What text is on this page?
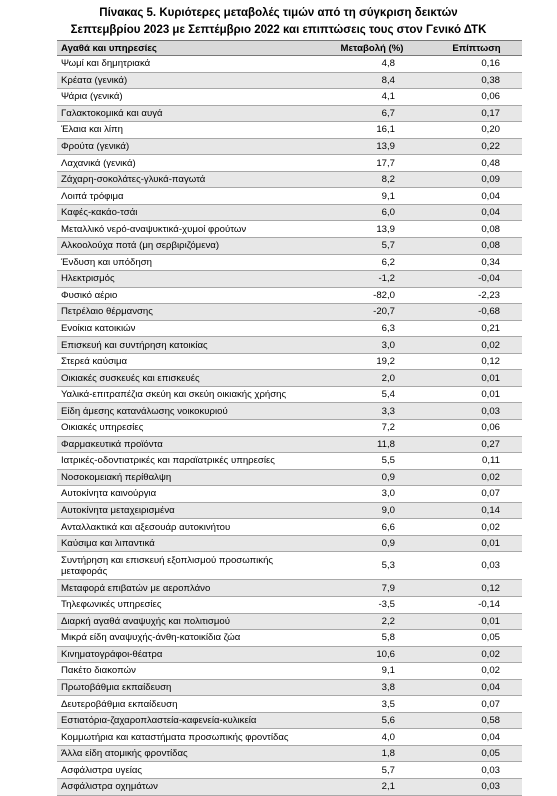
Πίνακας 5. Κυριότερες μεταβολές τιμών από τη σύγκριση δεικτών
Σεπτεμβρίου 2023 με Σεπτέμβριο 2022 και επιπτώσεις τους στον Γενικό ΔΤΚ
Αγαθά και υπηρεσίες	Μεταβολή (%)	Επίπτωση
Ψωμί και δημητριακά	4,8	0,16
Κρέατα (γενικά)	8,4	0,38
Ψάρια (γενικά)	4,1	0,06
Γαλακτοκομικά και αυγά	6,7	0,17
Έλαια και λίπη	16,1	0,20
Φρούτα (γενικά)	13,9	0,22
Λαχανικά (γενικά)	17,7	0,48
Ζάχαρη-σοκολάτες-γλυκά-παγωτά	8,2	0,09
Λοιπά τρόφιμα	9,1	0,04
Καφές-κακάο-τσάι	6,0	0,04
Μεταλλικό νερό-αναψυκτικά-χυμοί φρούτων	13,9	0,08
Αλκοολούχα ποτά (μη σερβιριζόμενα)	5,7	0,08
Ένδυση και υπόδηση	6,2	0,34
Ηλεκτρισμός	-1,2	-0,04
Φυσικό αέριο	-82,0	-2,23
Πετρέλαιο θέρμανσης	-20,7	-0,68
Ενοίκια κατοικιών	6,3	0,21
Επισκευή και συντήρηση κατοικίας	3,0	0,02
Στερεά καύσιμα	19,2	0,12
Οικιακές συσκευές και επισκευές	2,0	0,01
Υαλικά-επιτραπέζια σκεύη και σκεύη οικιακής χρήσης	5,4	0,01
Είδη άμεσης κατανάλωσης νοικοκυριού	3,3	0,03
Οικιακές υπηρεσίες	7,2	0,06
Φαρμακευτικά προϊόντα	11,8	0,27
Ιατρικές-οδοντιατρικές και παραϊατρικές υπηρεσίες	5,5	0,11
Νοσοκομειακή περίθαλψη	0,9	0,02
Αυτοκίνητα καινούργια	3,0	0,07
Αυτοκίνητα μεταχειρισμένα	9,0	0,14
Ανταλλακτικά και αξεσουάρ αυτοκινήτου	6,6	0,02
Καύσιμα και λιπαντικά	0,9	0,01
Συντήρηση και επισκευή εξοπλισμού προσωπικής μεταφοράς	5,3	0,03
Μεταφορά επιβατών με αεροπλάνο	7,9	0,12
Τηλεφωνικές υπηρεσίες	-3,5	-0,14
Διαρκή αγαθά αναψυχής και πολιτισμού	2,2	0,01
Μικρά είδη αναψυχής-άνθη-κατοικίδια ζώα	5,8	0,05
Κινηματογράφοι-θέατρα	10,6	0,02
Πακέτο διακοπών	9,1	0,02
Πρωτοβάθμια εκπαίδευση	3,8	0,04
Δευτεροβάθμια εκπαίδευση	3,5	0,07
Εστιατόρια-ζαχαροπλαστεία-καφενεία-κυλικεία	5,6	0,58
Κομμωτήρια και καταστήματα προσωπικής φροντίδας	4,0	0,04
Άλλα είδη ατομικής φροντίδας	1,8	0,05
Ασφάλιστρα υγείας	5,7	0,03
Ασφάλιστρα οχημάτων	2,1	0,03
